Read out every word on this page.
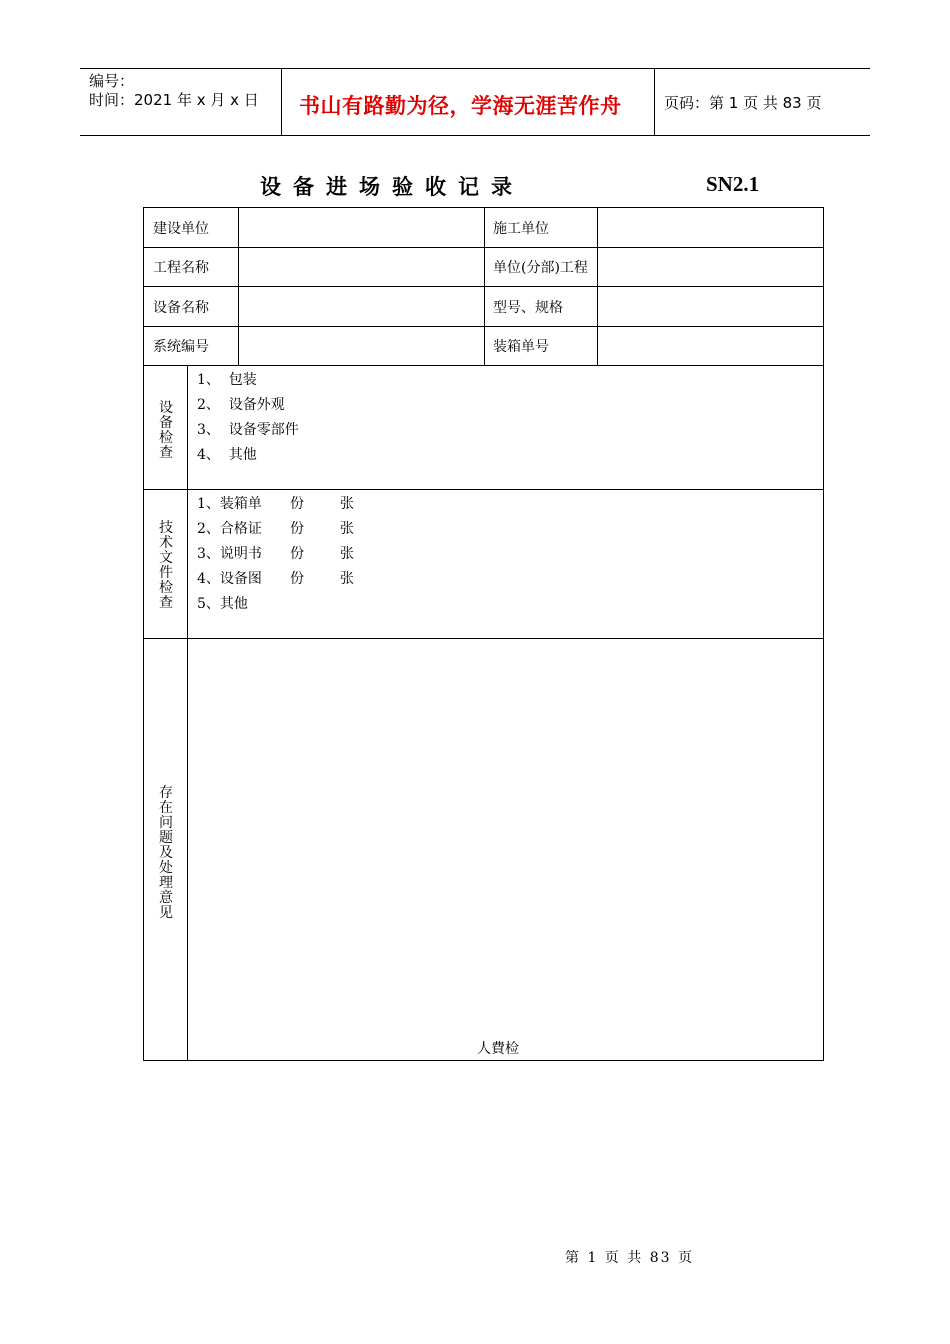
编号：
时间：2021 年 x 月 x 日 书山有路勤为径，学海无涯苦作舟	页码：第 1 页 共 83 页
设备进场验收记录	SN2.1
建设单位	施工单位
工程名称	单位(分部)工程
设备名称	型号、规格
系统编号	装箱单号
设备检查
1、  包装
2、  设备外观
3、  设备零部件
4、  其他
技术文件检查
1、装箱单 份	张
2、合格证 份	张
3、说明书 份	张
4、设备图 份	张
5、其他
存在问题及处理意见
人費检
第 1 页 共 83 页
